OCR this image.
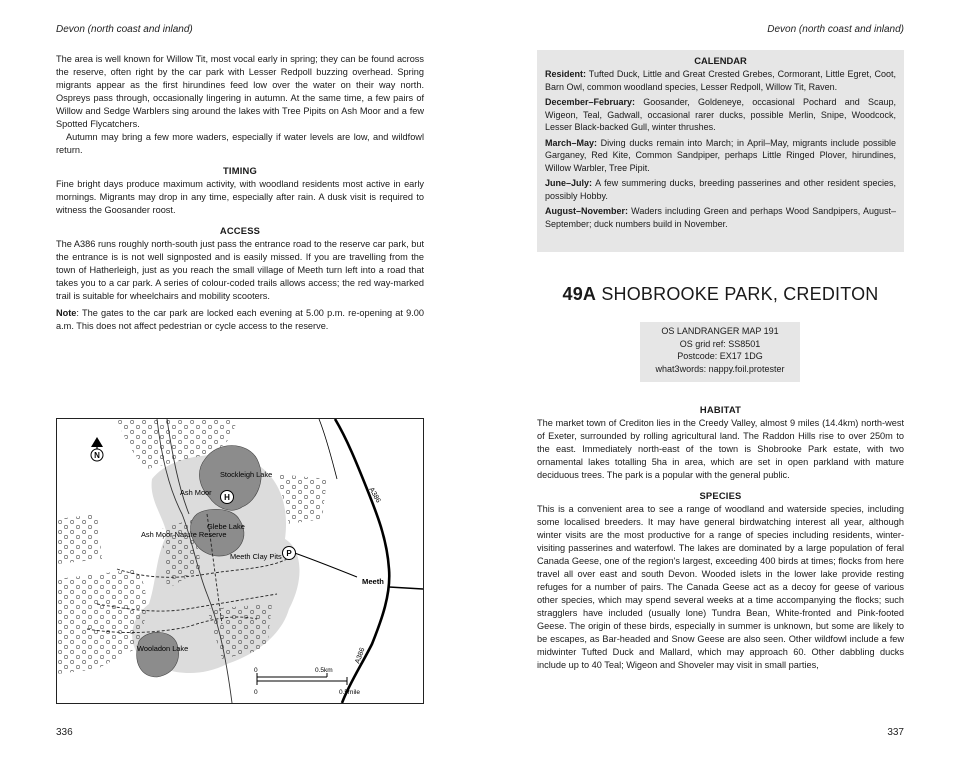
Devon (north coast and inland)

The area is well known for Willow Tit, most vocal early in spring; they can be found across the reserve, often right by the car park with Lesser Redpoll buzzing overhead. Spring migrants appear as the first hirundines feed low over the water on their way north. Ospreys pass through, occasionally lingering in autumn. At the same time, a few pairs of Willow and Sedge Warblers sing around the lakes with Tree Pipits on Ash Moor and a few Spotted Flycatchers.

Autumn may bring a few more waders, especially if water levels are low, and wildfowl return.

TIMING

Fine bright days produce maximum activity, with woodland residents most active in early mornings. Migrants may drop in any time, especially after rain. A dusk visit is required to witness the Goosander roost.

ACCESS

The A386 runs roughly north-south just pass the entrance road to the reserve car park, but the entrance is is not well signposted and is easily missed. If you are travelling from the town of Hatherleigh, just as you reach the small village of Meeth turn left into a road that takes you to a car park. A series of colour-coded trails allows access; the red way-marked trail is suitable for wheelchairs and mobility scooters.

Note: The gates to the car park are locked each evening at 5.00 p.m. re-opening at 9.00 a.m. This does not affect pedestrian or cycle access to the reserve.

N
H
P
Stockleigh Lake
Ash Moor
Glebe Lake
Ash Moor Nature Reserve
Meeth Clay Pits
Meeth
A386
A386
Wooladon Lake
0	0.5km
0	0.5mile
336
Devon (north coast and inland)
337
CALENDAR

Resident: Tufted Duck, Little and Great Crested Grebes, Cormorant, Little Egret, Coot, Barn Owl, common woodland species, Lesser Redpoll, Willow Tit, Raven.

December–February: Goosander, Goldeneye, occasional Pochard and Scaup, Wigeon, Teal, Gadwall, occasional rarer ducks, possible Merlin, Snipe, Woodcock, Lesser Black-backed Gull, winter thrushes.

March–May: Diving ducks remain into March; in April–May, migrants include possible Garganey, Red Kite, Common Sandpiper, perhaps Little Ringed Plover, hirundines, Willow Warbler, Tree Pipit.

June–July: A few summering ducks, breeding passerines and other resident species, possibly Hobby.

August–November: Waders including Green and perhaps Wood Sandpipers, August–September; duck numbers build in November.

49A SHOBROOKE PARK, CREDITON
OS LANDRANGER MAP 191
OS grid ref: SS8501
Postcode: EX17 1DG
what3words: nappy.foil.protester
HABITAT

The market town of Crediton lies in the Creedy Valley, almost 9 miles (14.4km) north-west of Exeter, surrounded by rolling agricultural land. The Raddon Hills rise to over 250m to the east. Immediately north-east of the town is Shobrooke Park estate, with two ornamental lakes totalling 5ha in area, which are set in open parkland with mature deciduous trees. The park is a popular with the general public.

SPECIES

This is a convenient area to see a range of woodland and waterside species, including some localised breeders. It may have general birdwatching interest all year, although winter visits are the most productive for a range of species including residents, winter-visiting passerines and waterfowl. The lakes are dominated by a large population of feral Canada Geese, one of the region's largest, exceeding 400 birds at times; flocks from here travel all over east and south Devon. Wooded islets in the lower lake provide resting refuges for a number of pairs. The Canada Geese act as a decoy for geese of various other species, which may spend several weeks at a time accompanying the flocks; such stragglers have included (usually lone) Tundra Bean, White-fronted and Pink-footed Geese. The origin of these birds, especially in summer is unknown, but some are likely to be escapes, as Bar-headed and Snow Geese are also seen. Other wildfowl include a few midwinter Tufted Duck and Mallard, which may approach 60. Other dabbling ducks include up to 40 Teal; Wigeon and Shoveler may visit in small parties,
